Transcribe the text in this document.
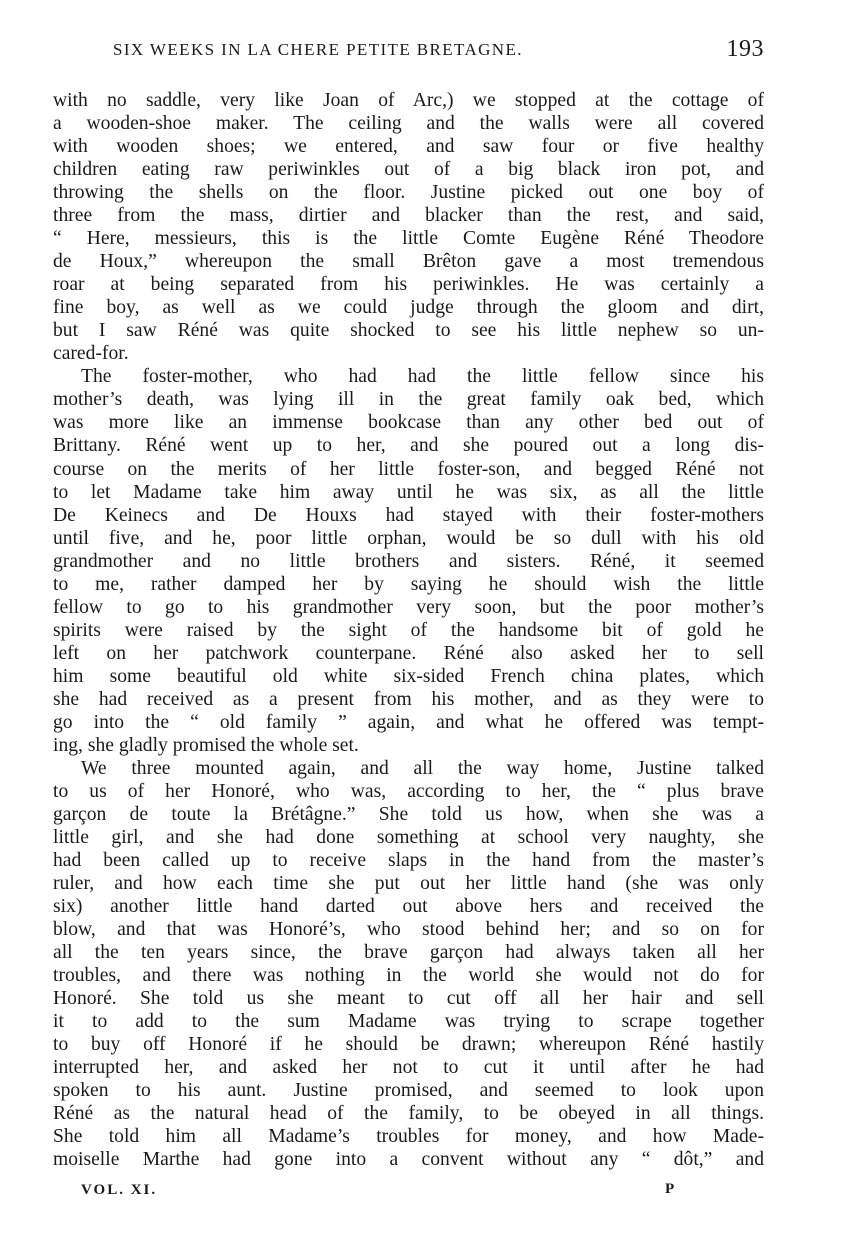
SIX WEEKS IN LA CHERE PETITE BRETAGNE.	193
with no saddle, very like Joan of Arc,) we stopped at the cottage of
a wooden-shoe maker. The ceiling and the walls were all covered
with wooden shoes; we entered, and saw four or five healthy
children eating raw periwinkles out of a big black iron pot, and
throwing the shells on the floor. Justine picked out one boy of
three from the mass, dirtier and blacker than the rest, and said,
“ Here, messieurs, this is the little Comte Eugène Réné Theodore
de Houx,” whereupon the small Brêton gave a most tremendous
roar at being separated from his periwinkles. He was certainly a
fine boy, as well as we could judge through the gloom and dirt,
but I saw Réné was quite shocked to see his little nephew so un-
cared-for.
The foster-mother, who had had the little fellow since his
mother’s death, was lying ill in the great family oak bed, which
was more like an immense bookcase than any other bed out of
Brittany. Réné went up to her, and she poured out a long dis-
course on the merits of her little foster-son, and begged Réné not
to let Madame take him away until he was six, as all the little
De Keinecs and De Houxs had stayed with their foster-mothers
until five, and he, poor little orphan, would be so dull with his old
grandmother and no little brothers and sisters. Réné, it seemed
to me, rather damped her by saying he should wish the little
fellow to go to his grandmother very soon, but the poor mother’s
spirits were raised by the sight of the handsome bit of gold he
left on her patchwork counterpane. Réné also asked her to sell
him some beautiful old white six-sided French china plates, which
she had received as a present from his mother, and as they were to
go into the “ old family ” again, and what he offered was tempt-
ing, she gladly promised the whole set.
We three mounted again, and all the way home, Justine talked
to us of her Honoré, who was, according to her, the “ plus brave
garçon de toute la Brétâgne.” She told us how, when she was a
little girl, and she had done something at school very naughty, she
had been called up to receive slaps in the hand from the master’s
ruler, and how each time she put out her little hand (she was only
six) another little hand darted out above hers and received the
blow, and that was Honoré’s, who stood behind her; and so on for
all the ten years since, the brave garçon had always taken all her
troubles, and there was nothing in the world she would not do for
Honoré. She told us she meant to cut off all her hair and sell
it to add to the sum Madame was trying to scrape together
to buy off Honoré if he should be drawn; whereupon Réné hastily
interrupted her, and asked her not to cut it until after he had
spoken to his aunt. Justine promised, and seemed to look upon
Réné as the natural head of the family, to be obeyed in all things.
She told him all Madame’s troubles for money, and how Made-
moiselle Marthe had gone into a convent without any “ dôt,” and
VOL. XI.	P
